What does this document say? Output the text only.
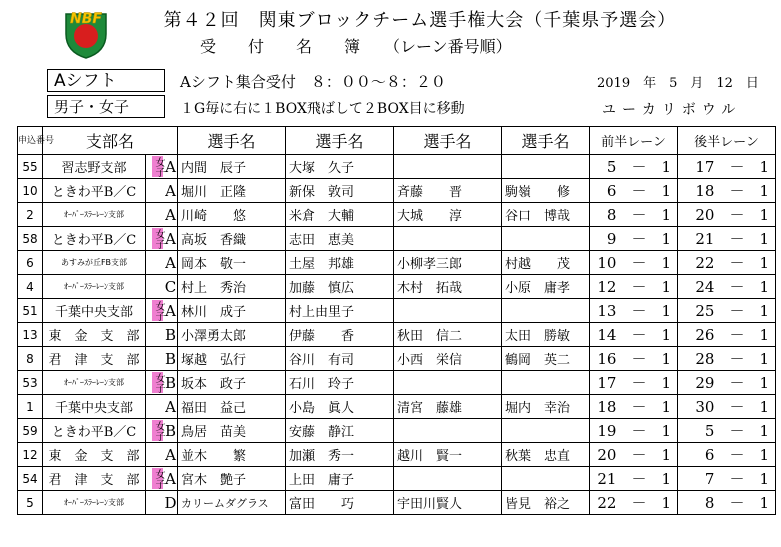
NBF	第４２回　関東ブロックチーム選手権大会（千葉県予選会）
受　　付　　名　　簿　　（レーン番号順）
Aシフト
男子・女子
Aシフト集合受付　８：００～８：２０
１G毎に右に１BOX飛ばして２BOX目に移動
2019　年　5　月　12　日
ユーカリボウル
申込番号	支部名		選手名	選手名	選手名	選手名	前半レーン	後半レーン
55	習志野支部	女子 A	内間　辰子	大塚　久子			5　－　1	17　－　1
10	ときわ平B／C	A	堀川　正隆	新保　敦司	斉藤　　晋	駒嶺　　修	6　－　1	18　－　1
2	ｵｰﾊﾞｰｽﾗｰﾚｰﾝ支部	A	川崎　　悠	米倉　大輔	大城　　淳	谷口　博哉	8　－　1	20　－　1
58	ときわ平B／C	女子 A	高坂　香織	志田　恵美			9　－　1	21　－　1
6	あすみが丘FB支部	A	岡本　敬一	土屋　邦雄	小柳孝三郎	村越　　茂	10　－　1	22　－　1
4	ｵｰﾊﾞｰｽﾗｰﾚｰﾝ支部	C	村上　秀治	加藤　慎広	木村　拓哉	小原　庸孝	12　－　1	24　－　1
51	千葉中央支部	女子 A	林川　成子	村上由里子			13　－　1	25　－　1
13	東　金　支　部	B	小澤勇太郎	伊藤　　香	秋田　信二	太田　勝敏	14　－　1	26　－　1
8	君　津　支　部	B	塚越　弘行	谷川　有司	小西　栄信	鶴岡　英二	16　－　1	28　－　1
53	ｵｰﾊﾞｰｽﾗｰﾚｰﾝ支部	女子 B	坂本　政子	石川　玲子			17　－　1	29　－　1
1	千葉中央支部	A	福田　益己	小島　眞人	清宮　藤雄	堀内　幸治	18　－　1	30　－　1
59	ときわ平B／C	女子 B	鳥居　苗美	安藤　静江			19　－　1	5　－　1
12	東　金　支　部	A	並木　　繁	加瀬　秀一	越川　賢一	秋葉　忠直	20　－　1	6　－　1
54	君　津　支　部	女子 A	宮木　艶子	上田　庸子			21　－　1	7　－　1
5	ｵｰﾊﾞｰｽﾗｰﾚｰﾝ支部	D	カリームダグラス	富田　　巧	宇田川賢人	皆見　裕之	22　－　1	8　－　1
